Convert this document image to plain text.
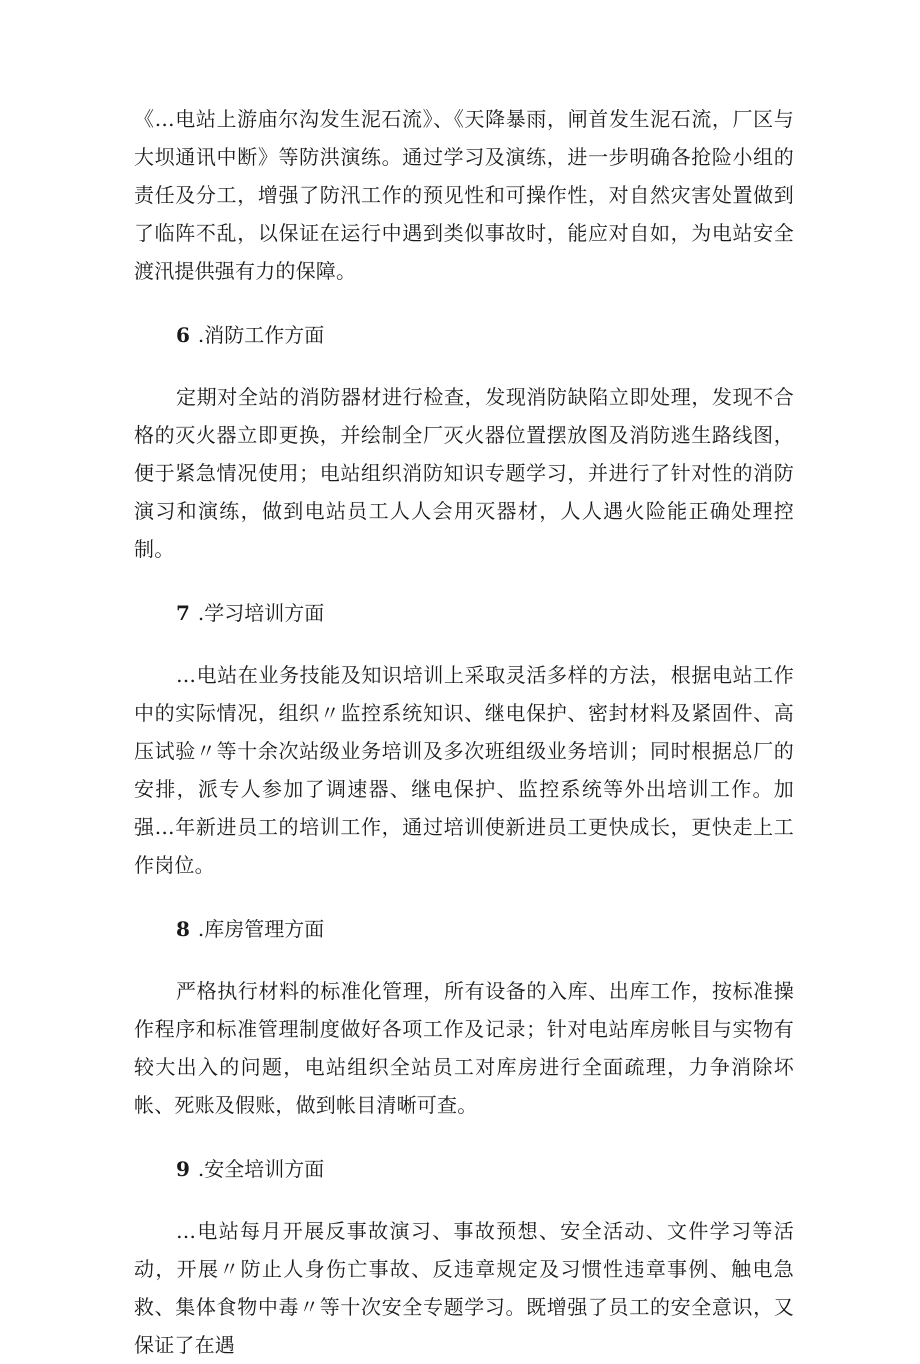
《…电站上游庙尔沟发生泥石流》、《天降暴雨，闸首发生泥石流，厂区与大坝通讯中断》等防洪演练。通过学习及演练，进一步明确各抢险小组的责任及分工，增强了防汛工作的预见性和可操作性，对自然灾害处置做到了临阵不乱，以保证在运行中遇到类似事故时，能应对自如，为电站安全渡汛提供强有力的保障。

6 .消防工作方面

定期对全站的消防器材进行检查，发现消防缺陷立即处理，发现不合格的灭火器立即更换，并绘制全厂灭火器位置摆放图及消防逃生路线图，便于紧急情况使用；电站组织消防知识专题学习，并进行了针对性的消防演习和演练，做到电站员工人人会用灭器材，人人遇火险能正确处理控制。

7 .学习培训方面

…电站在业务技能及知识培训上采取灵活多样的方法，根据电站工作中的实际情况，组织〃监控系统知识、继电保护、密封材料及紧固件、高压试验〃等十余次站级业务培训及多次班组级业务培训；同时根据总厂的安排，派专人参加了调速器、继电保护、监控系统等外出培训工作。加强…年新进员工的培训工作，通过培训使新进员工更快成长，更快走上工作岗位。

8 .库房管理方面

严格执行材料的标准化管理，所有设备的入库、出库工作，按标准操作程序和标准管理制度做好各项工作及记录；针对电站库房帐目与实物有较大出入的问题，电站组织全站员工对库房进行全面疏理，力争消除坏帐、死账及假账，做到帐目清晰可查。

9 .安全培训方面

…电站每月开展反事故演习、事故预想、安全活动、文件学习等活动，开展〃防止人身伤亡事故、反违章规定及习惯性违章事例、触电急救、集体食物中毒〃等十次安全专题学习。既增强了员工的安全意识，又保证了在遇
